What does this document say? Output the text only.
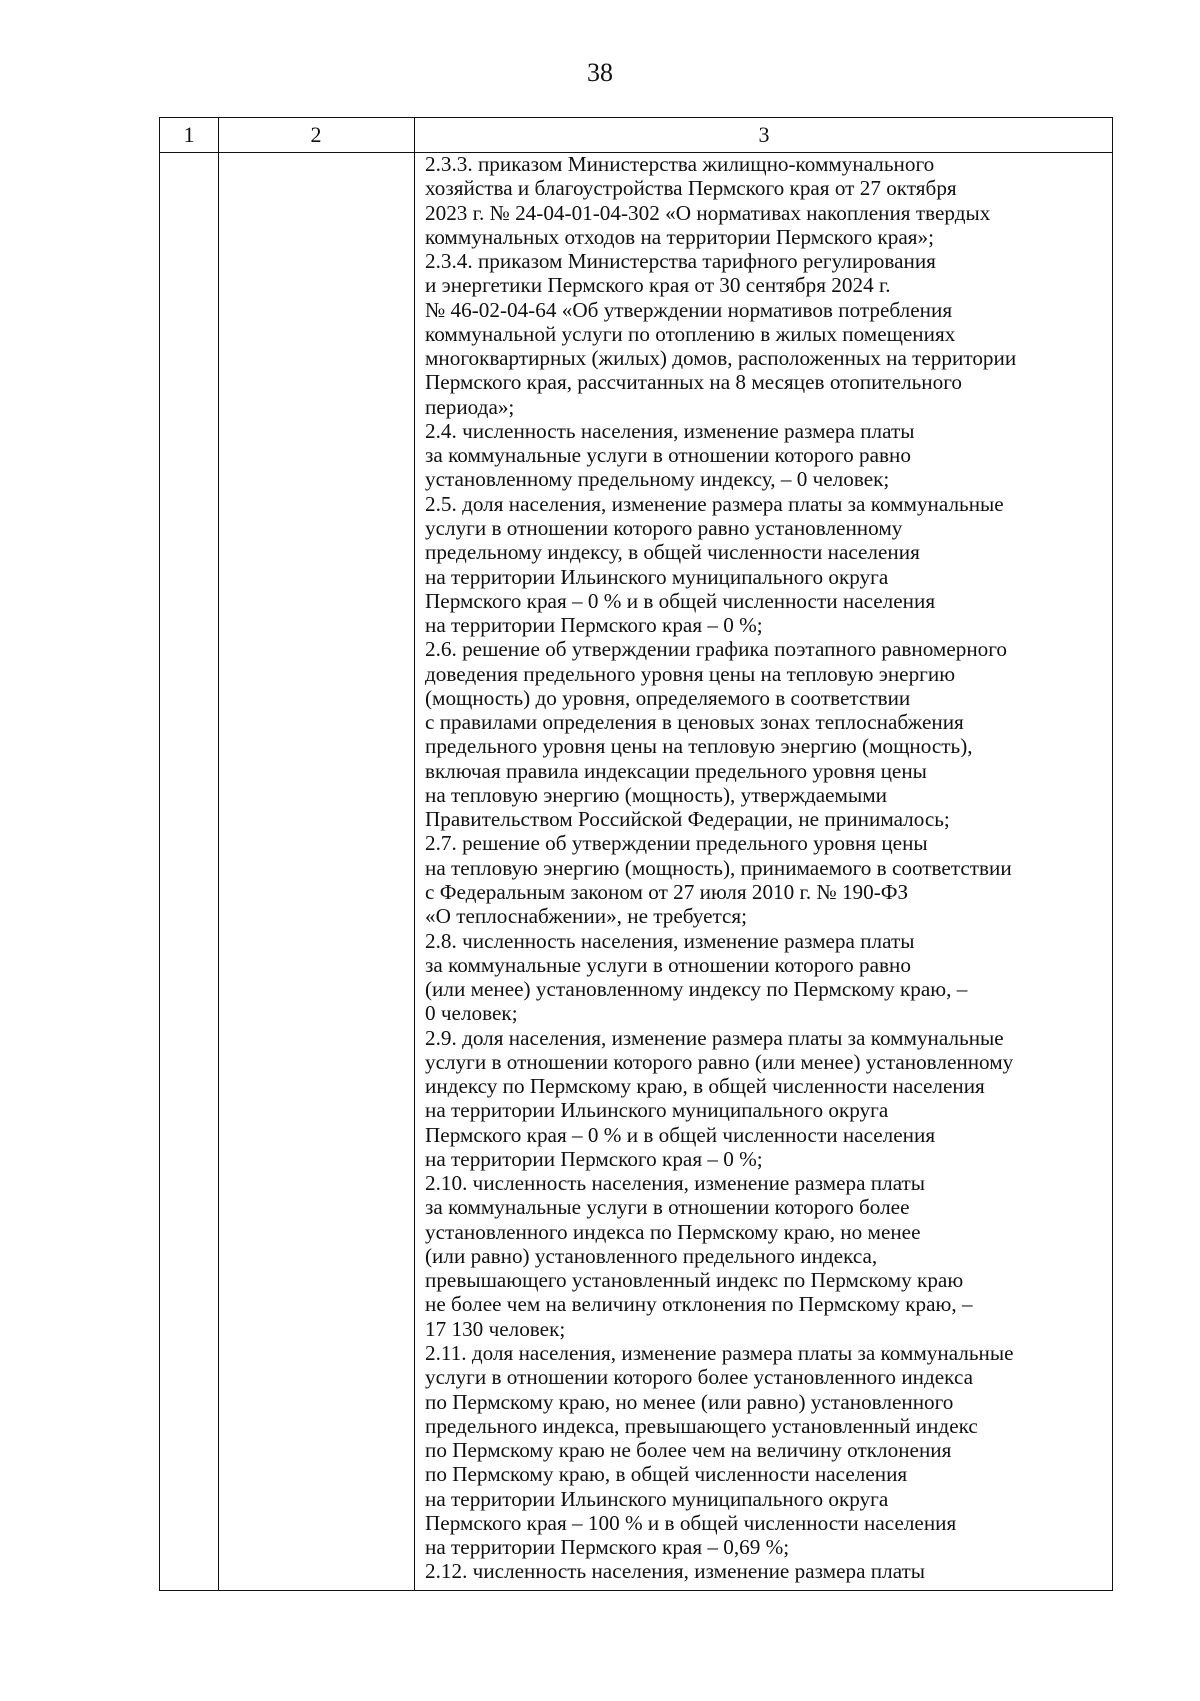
38
1	2	3
2.3.3. приказом Министерства жилищно-коммунального
хозяйства и благоустройства Пермского края от 27 октября
2023 г. № 24-04-01-04-302 «О нормативах накопления твердых
коммунальных отходов на территории Пермского края»;
2.3.4. приказом Министерства тарифного регулирования
и энергетики Пермского края от 30 сентября 2024 г.
№ 46-02-04-64 «Об утверждении нормативов потребления
коммунальной услуги по отоплению в жилых помещениях
многоквартирных (жилых) домов, расположенных на территории
Пермского края, рассчитанных на 8 месяцев отопительного
периода»;
2.4. численность населения, изменение размера платы
за коммунальные услуги в отношении которого равно
установленному предельному индексу, – 0 человек;
2.5. доля населения, изменение размера платы за коммунальные
услуги в отношении которого равно установленному
предельному индексу, в общей численности населения
на территории Ильинского муниципального округа
Пермского края – 0 % и в общей численности населения
на территории Пермского края – 0 %;
2.6. решение об утверждении графика поэтапного равномерного
доведения предельного уровня цены на тепловую энергию
(мощность) до уровня, определяемого в соответствии
с правилами определения в ценовых зонах теплоснабжения
предельного уровня цены на тепловую энергию (мощность),
включая правила индексации предельного уровня цены
на тепловую энергию (мощность), утверждаемыми
Правительством Российской Федерации, не принималось;
2.7. решение об утверждении предельного уровня цены
на тепловую энергию (мощность), принимаемого в соответствии
с Федеральным законом от 27 июля 2010 г. № 190-ФЗ
«О теплоснабжении», не требуется;
2.8. численность населения, изменение размера платы
за коммунальные услуги в отношении которого равно
(или менее) установленному индексу по Пермскому краю, –
0 человек;
2.9. доля населения, изменение размера платы за коммунальные
услуги в отношении которого равно (или менее) установленному
индексу по Пермскому краю, в общей численности населения
на территории Ильинского муниципального округа
Пермского края – 0 % и в общей численности населения
на территории Пермского края – 0 %;
2.10. численность населения, изменение размера платы
за коммунальные услуги в отношении которого более
установленного индекса по Пермскому краю, но менее
(или равно) установленного предельного индекса,
превышающего установленный индекс по Пермскому краю
не более чем на величину отклонения по Пермскому краю, –
17 130 человек;
2.11. доля населения, изменение размера платы за коммунальные
услуги в отношении которого более установленного индекса
по Пермскому краю, но менее (или равно) установленного
предельного индекса, превышающего установленный индекс
по Пермскому краю не более чем на величину отклонения
по Пермскому краю, в общей численности населения
на территории Ильинского муниципального округа
Пермского края – 100 % и в общей численности населения
на территории Пермского края – 0,69 %;
2.12. численность населения, изменение размера платы
